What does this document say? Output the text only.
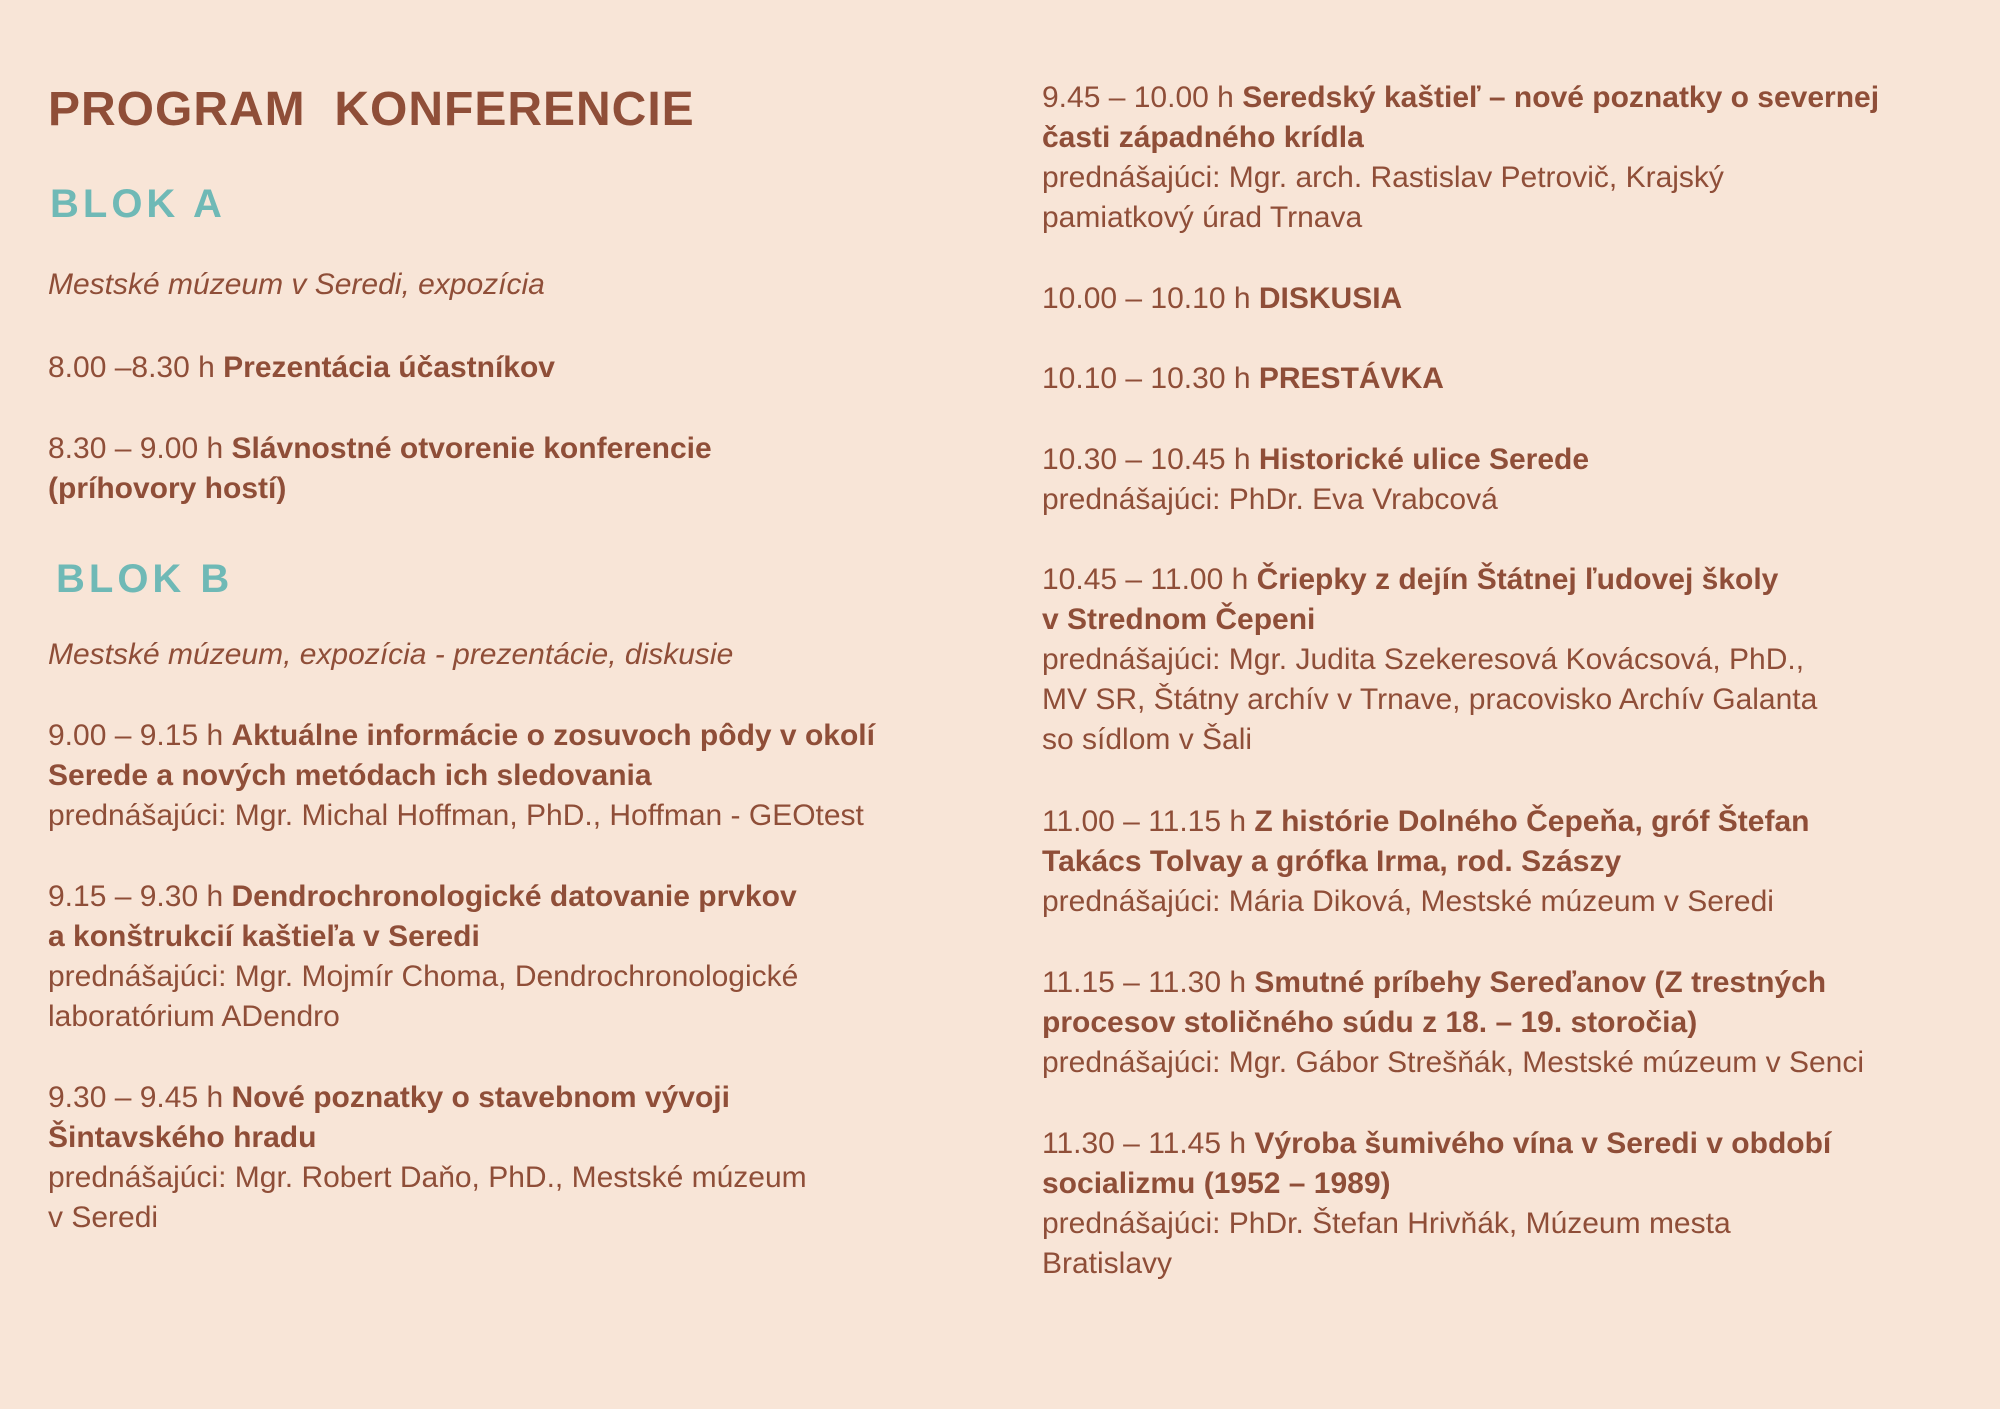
PROGRAM  KONFERENCIE
BLOK A

Mestské múzeum v Seredi, expozícia

8.00 –8.30 h Prezentácia účastníkov

8.30 – 9.00 h Slávnostné otvorenie konferencie
(príhovory hostí)

BLOK B

Mestské múzeum, expozícia - prezentácie, diskusie

9.00 – 9.15 h Aktuálne informácie o zosuvoch pôdy v okolí
Serede a nových metódach ich sledovania
prednášajúci: Mgr. Michal Hoffman, PhD., Hoffman - GEOtest

9.15 – 9.30 h Dendrochronologické datovanie prvkov
a konštrukcií kaštieľa v Seredi
prednášajúci: Mgr. Mojmír Choma, Dendrochronologické
laboratórium ADendro

9.30 – 9.45 h Nové poznatky o stavebnom vývoji
Šintavského hradu
prednášajúci: Mgr. Robert Daňo, PhD., Mestské múzeum
v Seredi

9.45 – 10.00 h Seredský kaštieľ – nové poznatky o severnej
časti západného krídla
prednášajúci: Mgr. arch. Rastislav Petrovič, Krajský
pamiatkový úrad Trnava

10.00 – 10.10 h DISKUSIA

10.10 – 10.30 h PRESTÁVKA

10.30 – 10.45 h Historické ulice Serede
prednášajúci: PhDr. Eva Vrabcová

10.45 – 11.00 h Čriepky z dejín Štátnej ľudovej školy
v Strednom Čepeni
prednášajúci: Mgr. Judita Szekeresová Kovácsová, PhD.,
MV SR, Štátny archív v Trnave, pracovisko Archív Galanta
so sídlom v Šali

11.00 – 11.15 h Z histórie Dolného Čepeňa, gróf Štefan
Takács Tolvay a grófka Irma, rod. Szászy
prednášajúci: Mária Diková, Mestské múzeum v Seredi

11.15 – 11.30 h Smutné príbehy Sereďanov (Z trestných
procesov stoličného súdu z 18. – 19. storočia)
prednášajúci: Mgr. Gábor Strešňák, Mestské múzeum v Senci

11.30 – 11.45 h Výroba šumivého vína v Seredi v období
socializmu (1952 – 1989)
prednášajúci: PhDr. Štefan Hrivňák, Múzeum mesta
Bratislavy
